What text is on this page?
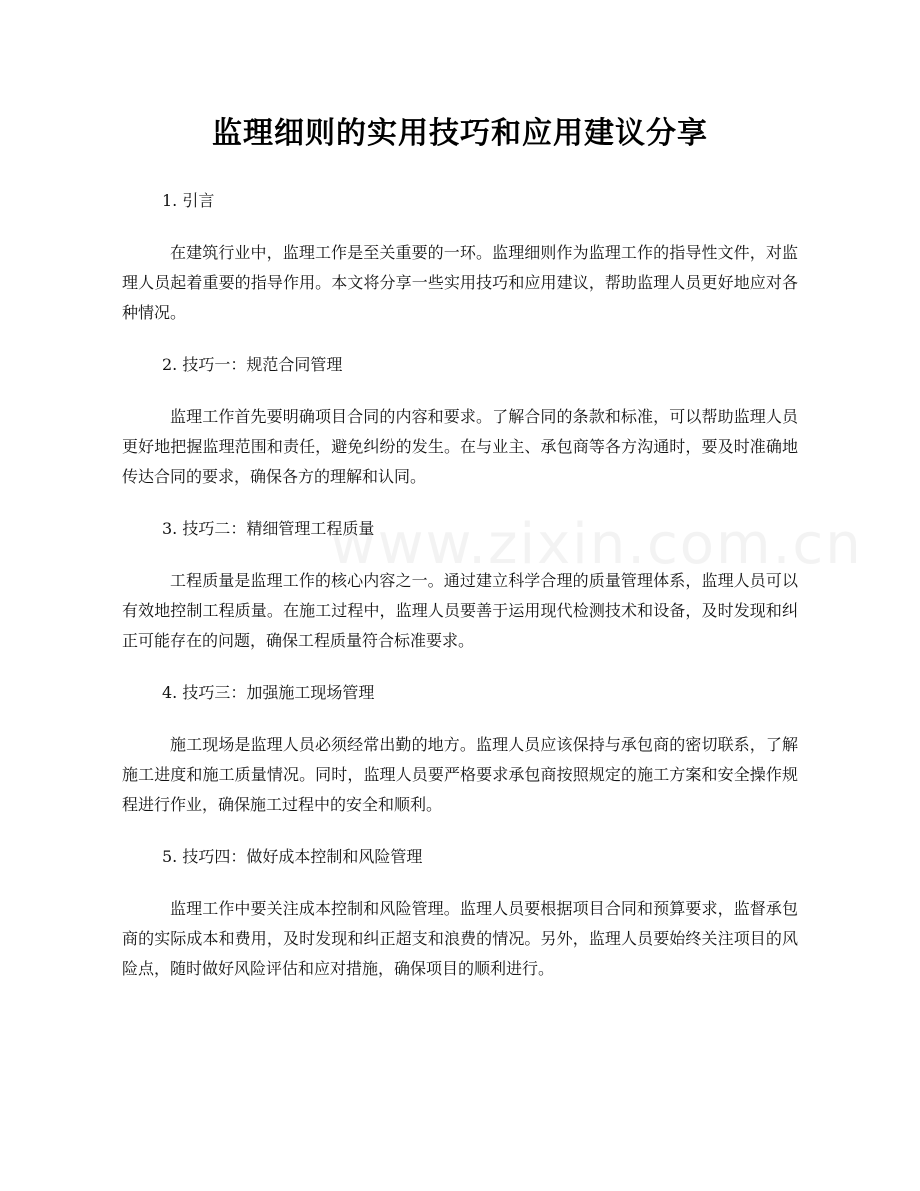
www.zixin.com.cn
监理细则的实用技巧和应用建议分享

1. 引言

在建筑行业中，监理工作是至关重要的一环。监理细则作为监理工作的指导性文件，对监理人员起着重要的指导作用。本文将分享一些实用技巧和应用建议，帮助监理人员更好地应对各种情况。

2. 技巧一：规范合同管理

监理工作首先要明确项目合同的内容和要求。了解合同的条款和标准，可以帮助监理人员更好地把握监理范围和责任，避免纠纷的发生。在与业主、承包商等各方沟通时，要及时准确地传达合同的要求，确保各方的理解和认同。

3. 技巧二：精细管理工程质量

工程质量是监理工作的核心内容之一。通过建立科学合理的质量管理体系，监理人员可以有效地控制工程质量。在施工过程中，监理人员要善于运用现代检测技术和设备，及时发现和纠正可能存在的问题，确保工程质量符合标准要求。

4. 技巧三：加强施工现场管理

施工现场是监理人员必须经常出勤的地方。监理人员应该保持与承包商的密切联系，了解施工进度和施工质量情况。同时，监理人员要严格要求承包商按照规定的施工方案和安全操作规程进行作业，确保施工过程中的安全和顺利。

5. 技巧四：做好成本控制和风险管理

监理工作中要关注成本控制和风险管理。监理人员要根据项目合同和预算要求，监督承包商的实际成本和费用，及时发现和纠正超支和浪费的情况。另外，监理人员要始终关注项目的风险点，随时做好风险评估和应对措施，确保项目的顺利进行。
